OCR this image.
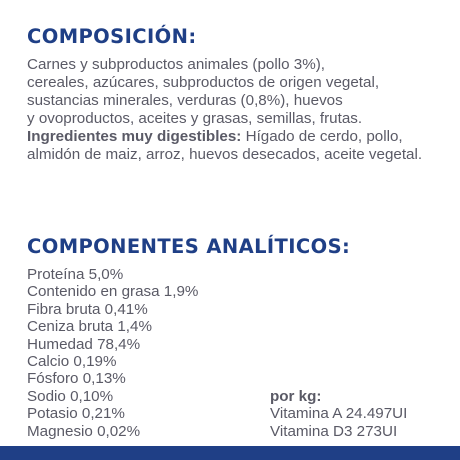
COMPOSICIÓN:

Carnes y subproductos animales (pollo 3%),
cereales, azúcares, subproductos de origen vegetal,
sustancias minerales, verduras (0,8%), huevos
y ovoproductos, aceites y grasas, semillas, frutas.
Ingredientes muy digestibles: Hígado de cerdo, pollo, almidón de maiz, arroz, huevos desecados, aceite vegetal.

COMPONENTES ANALÍTICOS:
Proteína 5,0%
Contenido en grasa 1,9%
Fibra bruta 0,41%
Ceniza bruta 1,4%
Humedad 78,4%
Calcio 0,19%
Fósforo 0,13%
Sodio 0,10%
Potasio 0,21%
Magnesio 0,02%
por kg:
Vitamina A 24.497UI
Vitamina D3 273UI
